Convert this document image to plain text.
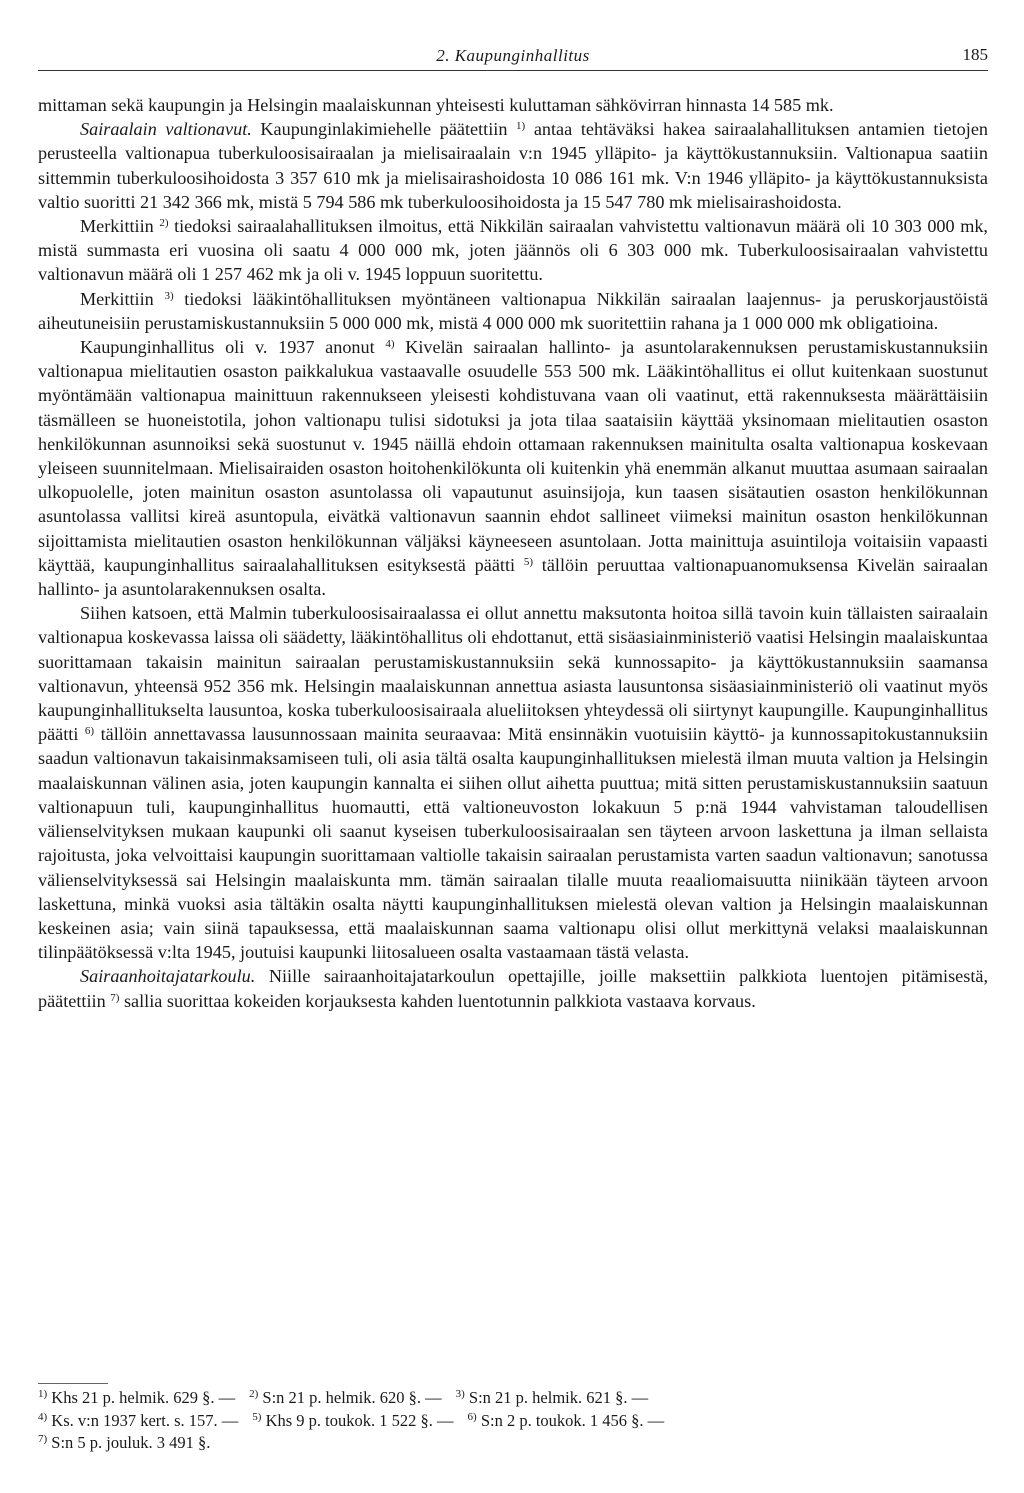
2. Kaupunginhallitus	185

mittaman sekä kaupungin ja Helsingin maalaiskunnan yhteisesti kuluttaman sähkövirran hinnasta 14 585 mk.

Sairaalain valtionavut. Kaupunginlakimiehelle päätettiin $^{1)}$ antaa tehtäväksi hakea sairaalahallituksen antamien tietojen perusteella valtionapua tuberkuloosisairaalan ja mielisairaalain v:n 1945 ylläpito- ja käyttökustannuksiin. Valtionapua saatiin sittemmin tuberkuloosihoidosta 3 357 610 mk ja mielisairashoidosta 10 086 161 mk. V:n 1946 ylläpito- ja käyttökustannuksista valtio suoritti 21 342 366 mk, mistä 5 794 586 mk tuberkuloosihoidosta ja 15 547 780 mk mielisairashoidosta.

Merkittiin $^{2)}$ tiedoksi sairaalahallituksen ilmoitus, että Nikkilän sairaalan vahvistettu valtionavun määrä oli 10 303 000 mk, mistä summasta eri vuosina oli saatu 4 000 000 mk, joten jäännös oli 6 303 000 mk. Tuberkuloosisairaalan vahvistettu valtionavun määrä oli 1 257 462 mk ja oli v. 1945 loppuun suoritettu.

Merkittiin $^{3)}$ tiedoksi lääkintöhallituksen myöntäneen valtionapua Nikkilän sairaalan laajennus- ja peruskorjaustöistä aiheutuneisiin perustamiskustannuksiin 5 000 000 mk, mistä 4 000 000 mk suoritettiin rahana ja 1 000 000 mk obligatioina.

Kaupunginhallitus oli v. 1937 anonut $^{4)}$ Kivelän sairaalan hallinto- ja asuntolarakennuksen perustamiskustannuksiin valtionapua mielitautien osaston paikkalukua vastaavalle osuudelle 553 500 mk. Lääkintöhallitus ei ollut kuitenkaan suostunut myöntämään valtionapua mainittuun rakennukseen yleisesti kohdistuvana vaan oli vaatinut, että rakennuksesta määrättäisiin täsmälleen se huoneistotila, johon valtionapu tulisi sidotuksi ja jota tilaa saataisiin käyttää yksinomaan mielitautien osaston henkilökunnan asunnoiksi sekä suostunut v. 1945 näillä ehdoin ottamaan rakennuksen mainitulta osalta valtionapua koskevaan yleiseen suunnitelmaan. Mielisairaiden osaston hoitohenkilökunta oli kuitenkin yhä enemmän alkanut muuttaa asumaan sairaalan ulkopuolelle, joten mainitun osaston asuntolassa oli vapautunut asuinsijoja, kun taasen sisätautien osaston henkilökunnan asuntolassa vallitsi kireä asuntopula, eivätkä valtionavun saannin ehdot sallineet viimeksi mainitun osaston henkilökunnan sijoittamista mielitautien osaston henkilökunnan väljäksi käyneeseen asuntolaan. Jotta mainittuja asuintiloja voitaisiin vapaasti käyttää, kaupunginhallitus sairaalahallituksen esityksestä päätti $^{5)}$ tällöin peruuttaa valtionapuanomuksensa Kivelän sairaalan hallinto- ja asuntolarakennuksen osalta.

Siihen katsoen, että Malmin tuberkuloosisairaalassa ei ollut annettu maksutonta hoitoa sillä tavoin kuin tällaisten sairaalain valtionapua koskevassa laissa oli säädetty, lääkintöhallitus oli ehdottanut, että sisäasiainministeriö vaatisi Helsingin maalaiskuntaa suorittamaan takaisin mainitun sairaalan perustamiskustannuksiin sekä kunnossapito- ja käyttökustannuksiin saamansa valtionavun, yhteensä 952 356 mk. Helsingin maalaiskunnan annettua asiasta lausuntonsa sisäasiainministeriö oli vaatinut myös kaupunginhallitukselta lausuntoa, koska tuberkuloosisairaala alueliitoksen yhteydessä oli siirtynyt kaupungille. Kaupunginhallitus päätti $^{6)}$ tällöin annettavassa lausunnossaan mainita seuraavaa: Mitä ensinnäkin vuotuisiin käyttö- ja kunnossapitokustannuksiin saadun valtionavun takaisinmaksamiseen tuli, oli asia tältä osalta kaupunginhallituksen mielestä ilman muuta valtion ja Helsingin maalaiskunnan välinen asia, joten kaupungin kannalta ei siihen ollut aihetta puuttua; mitä sitten perustamiskustannuksiin saatuun valtionapuun tuli, kaupunginhallitus huomautti, että valtioneuvoston lokakuun 5 p:nä 1944 vahvistaman taloudellisen välienselvityksen mukaan kaupunki oli saanut kyseisen tuberkuloosisairaalan sen täyteen arvoon laskettuna ja ilman sellaista rajoitusta, joka velvoittaisi kaupungin suorittamaan valtiolle takaisin sairaalan perustamista varten saadun valtionavun; sanotussa välienselvityksessä sai Helsingin maalaiskunta mm. tämän sairaalan tilalle muuta reaaliomaisuutta niinikään täyteen arvoon laskettuna, minkä vuoksi asia tältäkin osalta näytti kaupunginhallituksen mielestä olevan valtion ja Helsingin maalaiskunnan keskeinen asia; vain siinä tapauksessa, että maalaiskunnan saama valtionapu olisi ollut merkittynä velaksi maalaiskunnan tilinpäätöksessä v:lta 1945, joutuisi kaupunki liitosalueen osalta vastaamaan tästä velasta.

Sairaanhoitajatarkoulu. Niille sairaanhoitajatarkoulun opettajille, joille maksettiin palkkiota luentojen pitämisestä, päätettiin $^{7)}$ sallia suorittaa kokeiden korjauksesta kahden luentotunnin palkkiota vastaava korvaus.

$^{1)}$ Khs 21 p. helmik. 629 §. — $^{2)}$ S:n 21 p. helmik. 620 §. — $^{3)}$ S:n 21 p. helmik. 621 §. —
$^{4)}$ Ks. v:n 1937 kert. s. 157. — $^{5)}$ Khs 9 p. toukok. 1 522 §. — $^{6)}$ S:n 2 p. toukok. 1 456 §. —
$^{7)}$ S:n 5 p. jouluk. 3 491 §.
